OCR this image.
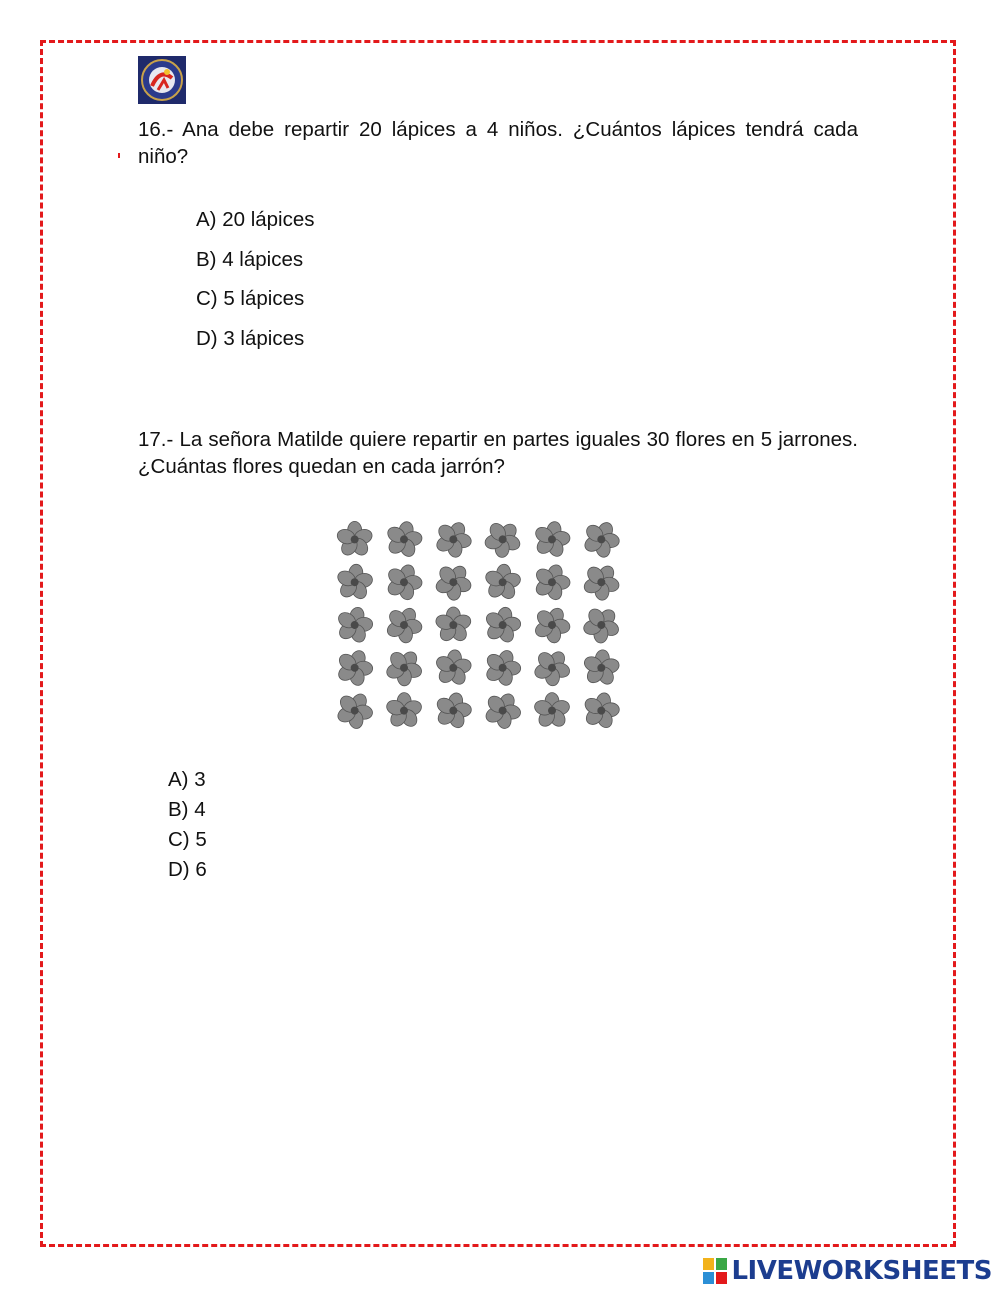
16.- Ana debe repartir 20 lápices a 4 niños. ¿Cuántos lápices tendrá cada niño?
A) 20 lápices
B) 4 lápices
C) 5 lápices
D) 3 lápices
17.- La señora Matilde quiere repartir en partes iguales 30 flores en 5 jarrones. ¿Cuántas flores quedan en cada jarrón?
A) 3
B) 4
C) 5
D) 6
LIVEWORKSHEETS
